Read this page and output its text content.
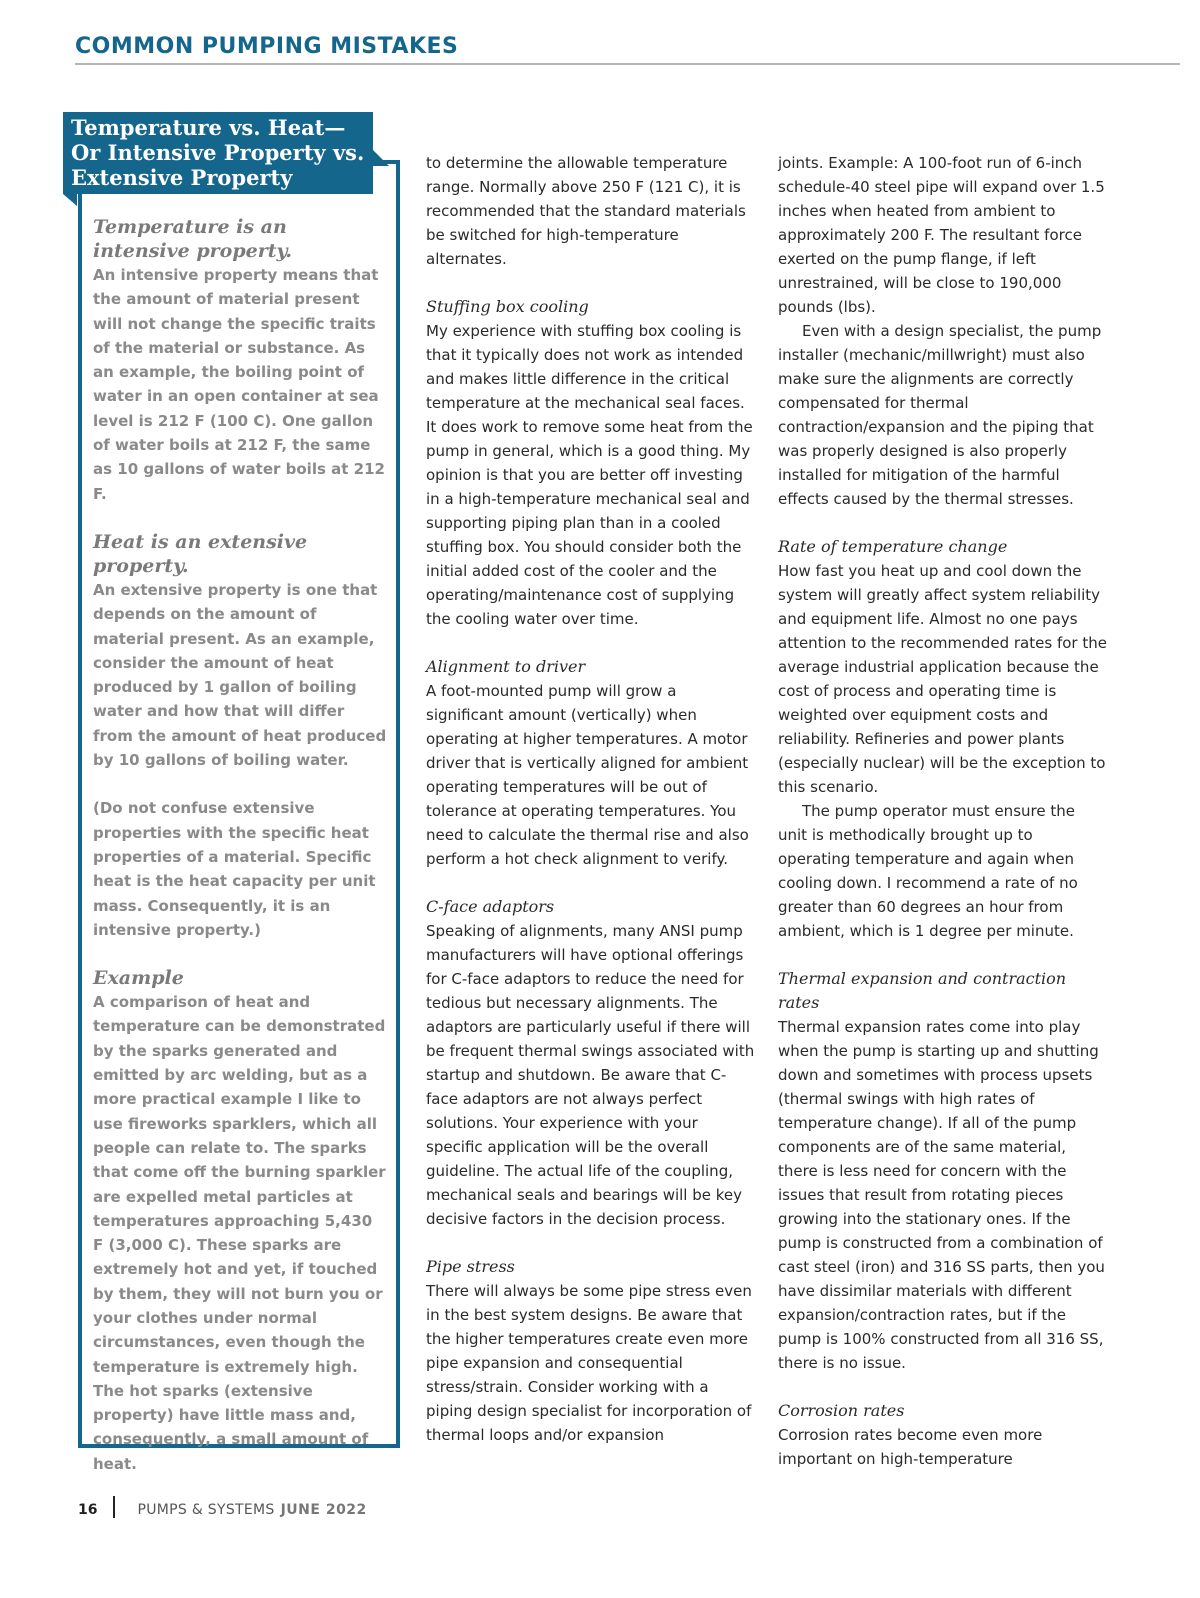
COMMON PUMPING MISTAKES
Temperature vs. Heat— Or Intensive Property vs. Extensive Property

Temperature is an intensive property.

An intensive property means that the amount of material present will not change the specific traits of the material or substance. As an example, the boiling point of water in an open container at sea level is 212 F (100 C). One gallon of water boils at 212 F, the same as 10 gallons of water boils at 212 F.

Heat is an extensive property.

An extensive property is one that depends on the amount of material present. As an example, consider the amount of heat produced by 1 gallon of boiling water and how that will differ from the amount of heat produced by 10 gallons of boiling water.

(Do not confuse extensive properties with the specific heat properties of a material. Specific heat is the heat capacity per unit mass. Consequently, it is an intensive property.)

Example

A comparison of heat and temperature can be demonstrated by the sparks generated and emitted by arc welding, but as a more practical example I like to use fireworks sparklers, which all people can relate to. The sparks that come off the burning sparkler are expelled metal particles at temperatures approaching 5,430 F (3,000 C). These sparks are extremely hot and yet, if touched by them, they will not burn you or your clothes under normal circumstances, even though the temperature is extremely high. The hot sparks (extensive property) have little mass and, consequently, a small amount of heat.

to determine the allowable temperature range. Normally above 250 F (121 C), it is recommended that the standard materials be switched for high-temperature alternates.

Stuffing box cooling

My experience with stuffing box cooling is that it typically does not work as intended and makes little difference in the critical temperature at the mechanical seal faces. It does work to remove some heat from the pump in general, which is a good thing. My opinion is that you are better off investing in a high-temperature mechanical seal and supporting piping plan than in a cooled stuffing box. You should consider both the initial added cost of the cooler and the operating/maintenance cost of supplying the cooling water over time.

Alignment to driver

A foot-mounted pump will grow a significant amount (vertically) when operating at higher temperatures. A motor driver that is vertically aligned for ambient operating temperatures will be out of tolerance at operating temperatures. You need to calculate the thermal rise and also perform a hot check alignment to verify.

C-face adaptors

Speaking of alignments, many ANSI pump manufacturers will have optional offerings for C-face adaptors to reduce the need for tedious but necessary alignments. The adaptors are particularly useful if there will be frequent thermal swings associated with startup and shutdown. Be aware that C-face adaptors are not always perfect solutions. Your experience with your specific application will be the overall guideline. The actual life of the coupling, mechanical seals and bearings will be key decisive factors in the decision process.

Pipe stress

There will always be some pipe stress even in the best system designs. Be aware that the higher temperatures create even more pipe expansion and consequential stress/strain. Consider working with a piping design specialist for incorporation of thermal loops and/or expansion

joints. Example: A 100-foot run of 6-inch schedule-40 steel pipe will expand over 1.5 inches when heated from ambient to approximately 200 F. The resultant force exerted on the pump flange, if left unrestrained, will be close to 190,000 pounds (lbs).

Even with a design specialist, the pump installer (mechanic/millwright) must also make sure the alignments are correctly compensated for thermal contraction/expansion and the piping that was properly designed is also properly installed for mitigation of the harmful effects caused by the thermal stresses.

Rate of temperature change

How fast you heat up and cool down the system will greatly affect system reliability and equipment life. Almost no one pays attention to the recommended rates for the average industrial application because the cost of process and operating time is weighted over equipment costs and reliability. Refineries and power plants (especially nuclear) will be the exception to this scenario.

The pump operator must ensure the unit is methodically brought up to operating temperature and again when cooling down. I recommend a rate of no greater than 60 degrees an hour from ambient, which is 1 degree per minute.

Thermal expansion and contraction rates

Thermal expansion rates come into play when the pump is starting up and shutting down and sometimes with process upsets (thermal swings with high rates of temperature change). If all of the pump components are of the same material, there is less need for concern with the issues that result from rotating pieces growing into the stationary ones. If the pump is constructed from a combination of cast steel (iron) and 316 SS parts, then you have dissimilar materials with different expansion/contraction rates, but if the pump is 100% constructed from all 316 SS, there is no issue.

Corrosion rates

Corrosion rates become even more important on high-temperature

16	PUMPS & SYSTEMS JUNE 2022
